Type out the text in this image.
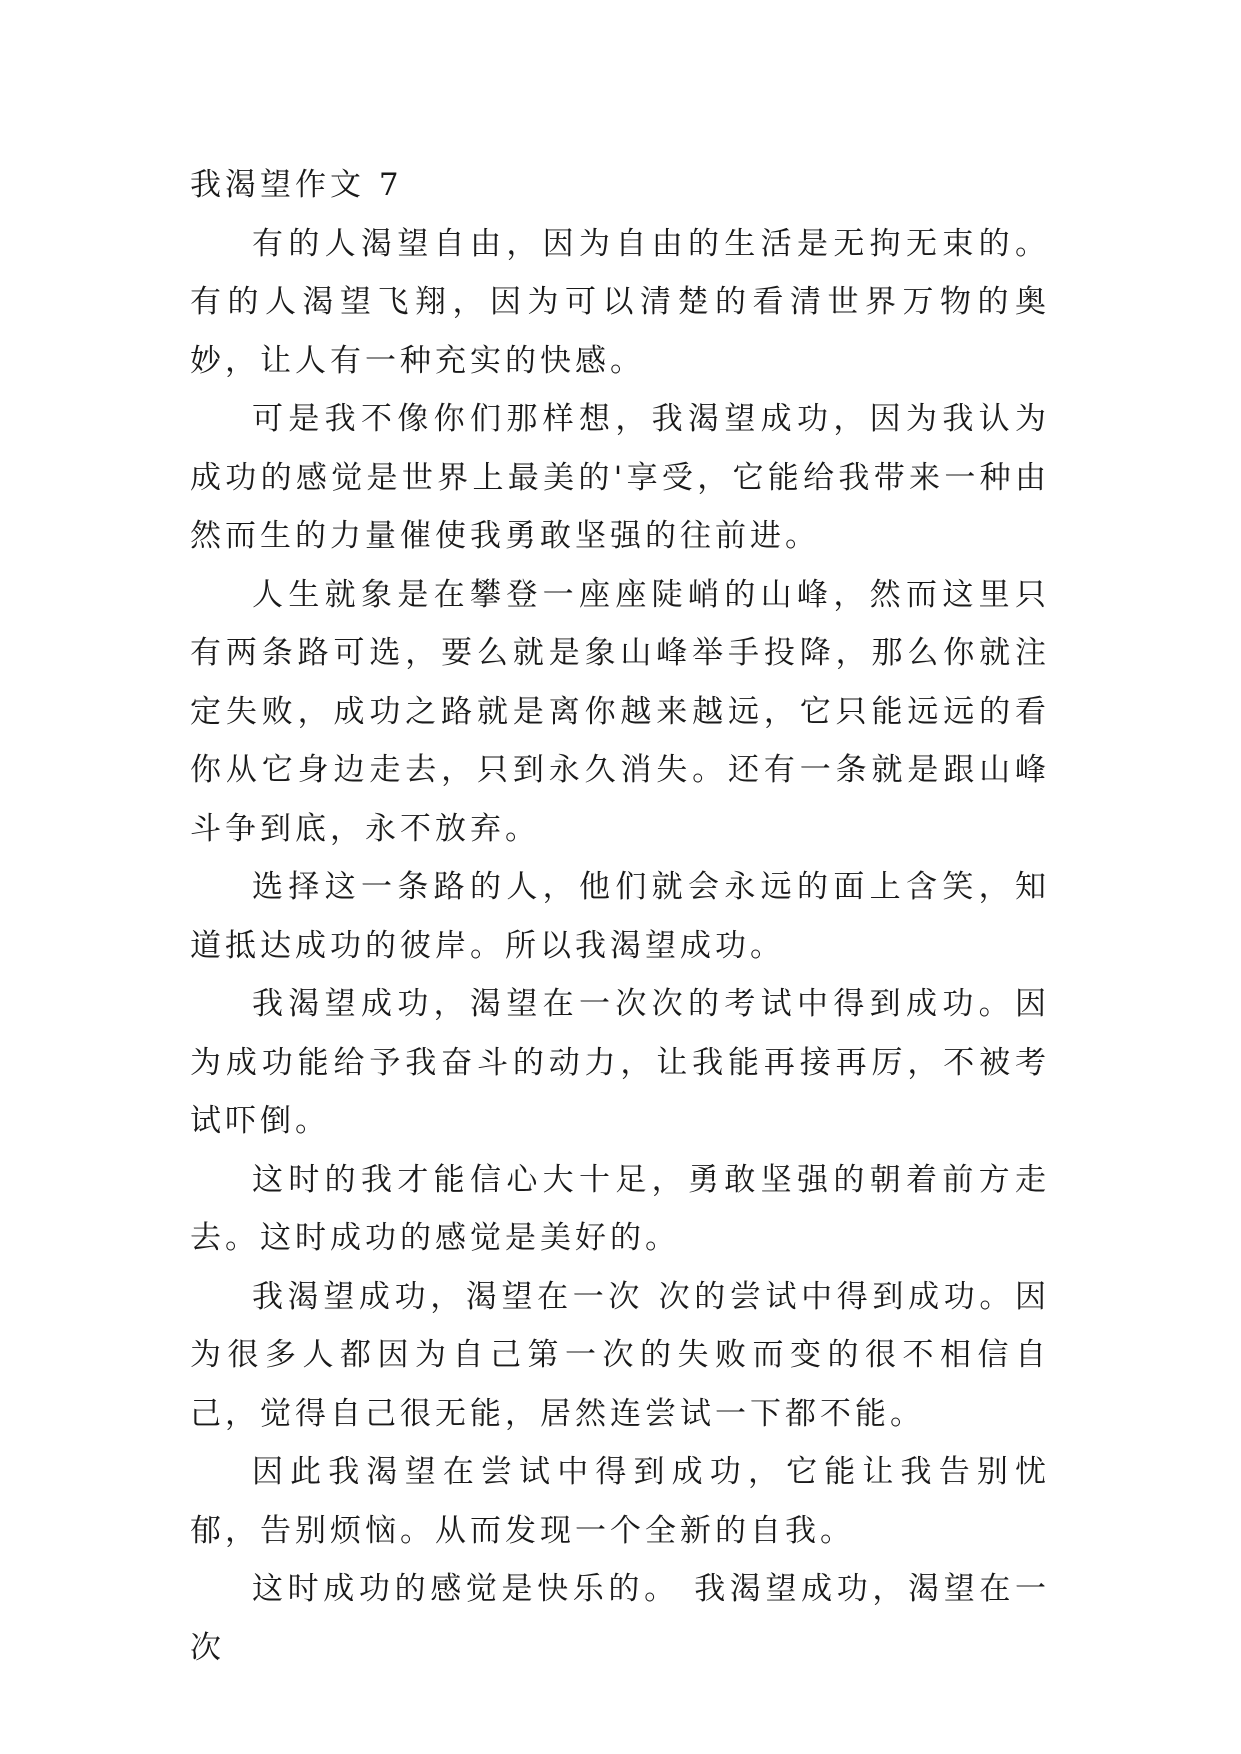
我渴望作文 7

有的人渴望自由，因为自由的生活是无拘无束的。有的人渴望飞翔，因为可以清楚的看清世界万物的奥妙，让人有一种充实的快感。

可是我不像你们那样想，我渴望成功，因为我认为成功的感觉是世界上最美的'享受，它能给我带来一种由然而生的力量催使我勇敢坚强的往前进。

人生就象是在攀登一座座陡峭的山峰，然而这里只有两条路可选，要么就是象山峰举手投降，那么你就注定失败，成功之路就是离你越来越远，它只能远远的看你从它身边走去，只到永久消失。还有一条就是跟山峰斗争到底，永不放弃。

选择这一条路的人，他们就会永远的面上含笑，知道抵达成功的彼岸。所以我渴望成功。

我渴望成功，渴望在一次次的考试中得到成功。因为成功能给予我奋斗的动力，让我能再接再厉，不被考试吓倒。

这时的我才能信心大十足，勇敢坚强的朝着前方走去。这时成功的感觉是美好的。

我渴望成功，渴望在一次 次的尝试中得到成功。因为很多人都因为自己第一次的失败而变的很不相信自己，觉得自己很无能，居然连尝试一下都不能。

因此我渴望在尝试中得到成功，它能让我告别忧郁，告别烦恼。从而发现一个全新的自我。

这时成功的感觉是快乐的。 我渴望成功，渴望在一次
